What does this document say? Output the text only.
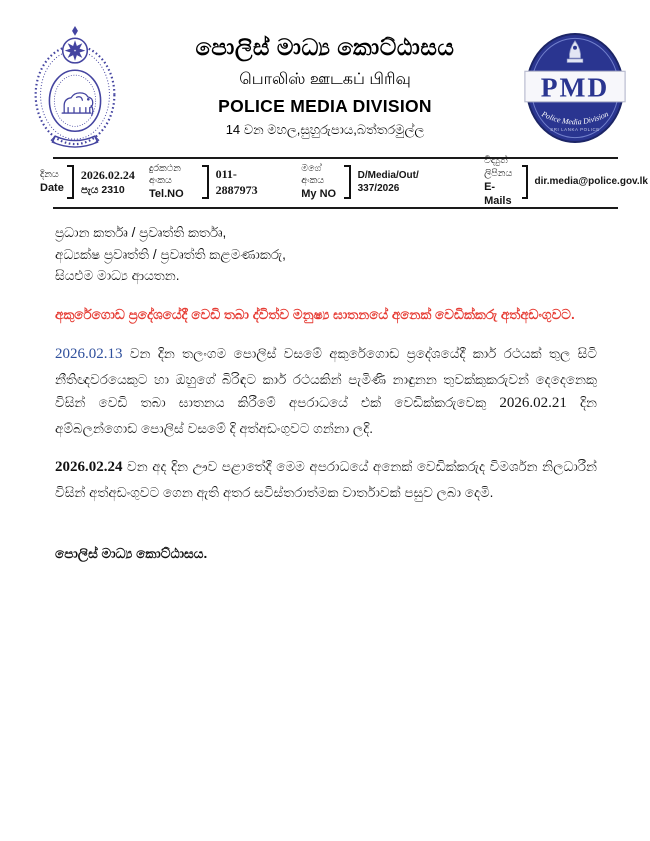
පොලිස් මාධ්‍ය කොට්ඨාසය
பொலிஸ் ஊடகப் பிரிவு
POLICE MEDIA DIVISION
14 වන මහල,සුහුරුපාය,බත්තරමුල්ල
PMD
Police Media Division
SRI LANKA POLICE
දිනය
Date
2026.02.24
පැය 2310
දුරකථන අංකය
Tel.NO
011-2887973
මගේ අංකය
My NO
D/Media/Out/ 337/2026
විද්‍යුත් ලිපිනය
E-Mails
dir.media@police.gov.lk
ප්‍රධාන කර්තෘ / ප්‍රවෘත්ති කර්තෘ,
අධ්‍යක්ෂ ප්‍රවෘත්ති / ප්‍රවෘත්ති කළමණාකරු,
සියළුම මාධ්‍ය ආයතන.
අකුරේගොඩ ප්‍රදේශයේදී වෙඩි තබා ද්විත්ව මනුෂ්‍ය ඝාතනයේ අනෙක් වෙඩික්කරු අත්අඩංගුවට.
2026.02.13 වන දින තලංගම පොලිස් වසමේ අකුරේගොඩ ප්‍රදේශයේදී කාර් රථයක් තුල සිටි නීතිඥවරයෙකුට හා ඔහුගේ බිරිඳට කාර් රථයකින් පැමිණි නාඳුනන තුවක්කුකරුවන් දෙදෙනෙකු විසින් වෙඩි තබා ඝාතනය කිරීමේ අපරාධයේ එක් වෙඩික්කරුවෙකු 2026.02.21 දින අම්බලන්ගොඩ පොලිස් වසමේ දි අත්අඩංගුවට ගන්නා ලදි.
2026.02.24 වන අද දින ඌව පළාතේදී මෙම අපරාධයේ අනෙක් වෙඩික්කරුද විමර්ශන නිලධාරීන් විසින් අත්අඩංගුවට ගෙන ඇති අතර සවිස්තරාත්මක වාර්තාවක් පසුව ලබා දෙමි.
පොලිස් මාධ්‍ය කොට්ඨාසය.
